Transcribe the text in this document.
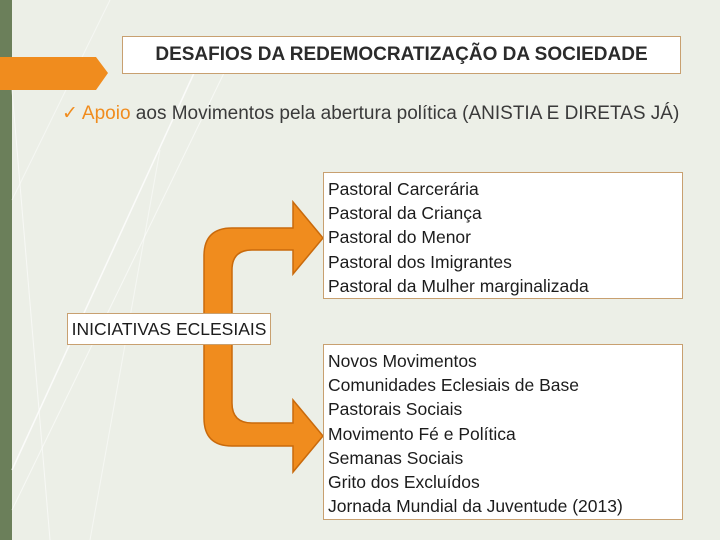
DESAFIOS DA REDEMOCRATIZAÇÃO DA SOCIEDADE
✓ Apoio aos Movimentos pela abertura política (ANISTIA E DIRETAS JÁ)
Pastoral Carcerária
Pastoral da Criança
Pastoral do Menor
Pastoral dos Imigrantes
Pastoral da Mulher marginalizada
INICIATIVAS ECLESIAIS
Novos Movimentos
Comunidades Eclesiais de Base
Pastorais Sociais
Movimento Fé e Política
Semanas Sociais
Grito dos Excluídos
Jornada Mundial da Juventude (2013)
